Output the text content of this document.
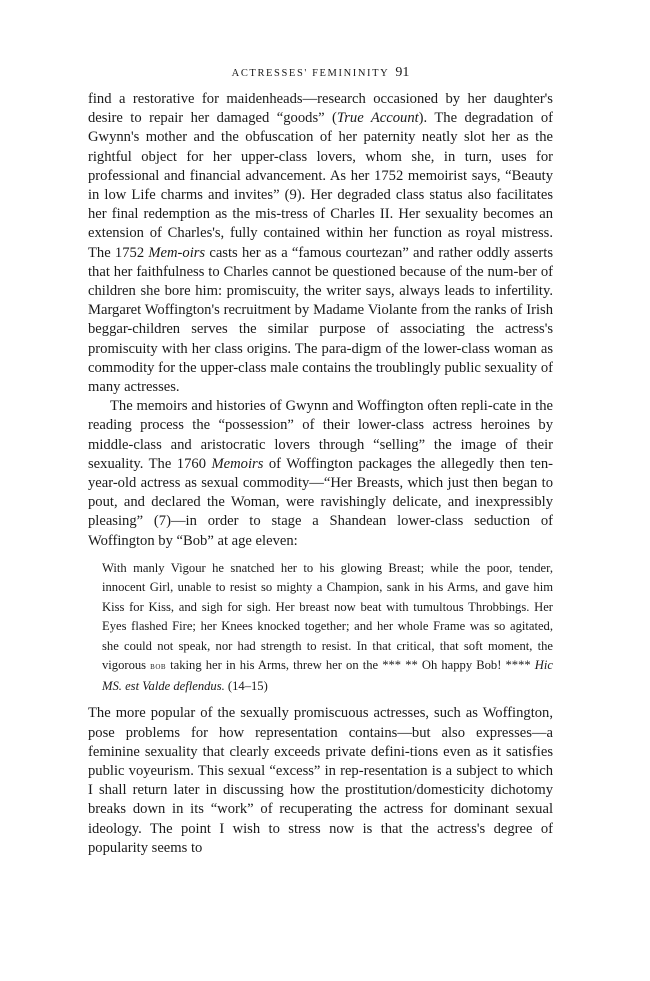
ACTRESSES' FEMININITY 91

find a restorative for maidenheads—research occasioned by her daughter's desire to repair her damaged “goods” (True Account). The degradation of Gwynn's mother and the obfuscation of her paternity neatly slot her as the rightful object for her upper-class lovers, whom she, in turn, uses for professional and financial advancement. As her 1752 memoirist says, “Beauty in low Life charms and invites” (9). Her degraded class status also facilitates her final redemption as the mis-tress of Charles II. Her sexuality becomes an extension of Charles's, fully contained within her function as royal mistress. The 1752 Mem-oirs casts her as a “famous courtezan” and rather oddly asserts that her faithfulness to Charles cannot be questioned because of the num-ber of children she bore him: promiscuity, the writer says, always leads to infertility. Margaret Woffington's recruitment by Madame Violante from the ranks of Irish beggar-children serves the similar purpose of associating the actress's promiscuity with her class origins. The para-digm of the lower-class woman as commodity for the upper-class male contains the troublingly public sexuality of many actresses.

The memoirs and histories of Gwynn and Woffington often repli-cate in the reading process the “possession” of their lower-class actress heroines by middle-class and aristocratic lovers through “selling” the image of their sexuality. The 1760 Memoirs of Woffington packages the allegedly then ten-year-old actress as sexual commodity—“Her Breasts, which just then began to pout, and declared the Woman, were ravishingly delicate, and inexpressibly pleasing” (7)—in order to stage a Shandean lower-class seduction of Woffington by “Bob” at age eleven:

With manly Vigour he snatched her to his glowing Breast; while the poor, tender, innocent Girl, unable to resist so mighty a Champion, sank in his Arms, and gave him Kiss for Kiss, and sigh for sigh. Her breast now beat with tumultous Throbbings. Her Eyes flashed Fire; her Knees knocked together; and her whole Frame was so agitated, she could not speak, nor had strength to resist. In that critical, that soft moment, the vigorous bob taking her in his Arms, threw her on the *** ** Oh happy Bob! **** Hic MS. est Valde deflendus. (14–15)

The more popular of the sexually promiscuous actresses, such as Woffington, pose problems for how representation contains—but also expresses—a feminine sexuality that clearly exceeds private defini-tions even as it satisfies public voyeurism. This sexual “excess” in rep-resentation is a subject to which I shall return later in discussing how the prostitution/domesticity dichotomy breaks down in its “work” of recuperating the actress for dominant sexual ideology. The point I wish to stress now is that the actress's degree of popularity seems to
